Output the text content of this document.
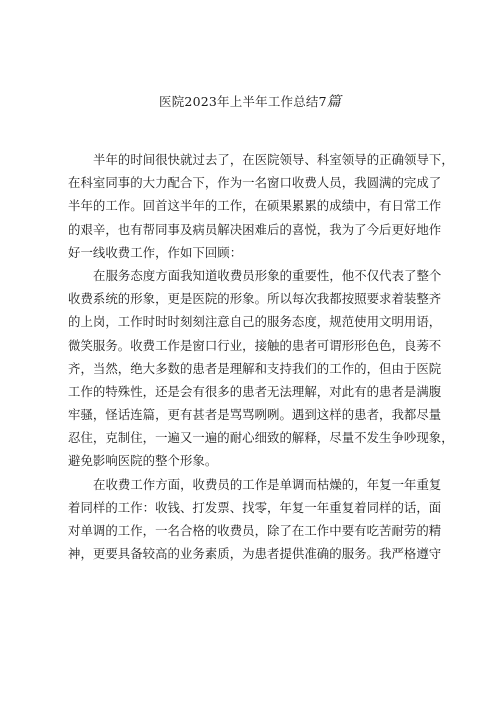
医院2023年上半年工作总结7篇
半年的时间很快就过去了，在医院领导、科室领导的正确领导下，
在科室同事的大力配合下，作为一名窗口收费人员，我圆满的完成了
半年的工作。回首这半年的工作，在硕果累累的成绩中，有日常工作
的艰辛，也有帮同事及病员解决困难后的喜悦，我为了今后更好地作
好一线收费工作，作如下回顾：
在服务态度方面我知道收费员形象的重要性，他不仅代表了整个
收费系统的形象，更是医院的形象。所以每次我都按照要求着装整齐
的上岗，工作时时时刻刻注意自己的服务态度，规范使用文明用语，
微笑服务。收费工作是窗口行业，接触的患者可谓形形色色，良莠不
齐，当然，绝大多数的患者是理解和支持我们的工作的，但由于医院
工作的特殊性，还是会有很多的患者无法理解，对此有的患者是满腹
牢骚，怪话连篇，更有甚者是骂骂咧咧。遇到这样的患者，我都尽量
忍住，克制住，一遍又一遍的耐心细致的解释，尽量不发生争吵现象，
避免影响医院的整个形象。
在收费工作方面，收费员的工作是单调而枯燥的，年复一年重复
着同样的工作：收钱、打发票、找零，年复一年重复着同样的话，面
对单调的工作，一名合格的收费员，除了在工作中要有吃苦耐劳的精
神，更要具备较高的业务素质，为患者提供准确的服务。我严格遵守
